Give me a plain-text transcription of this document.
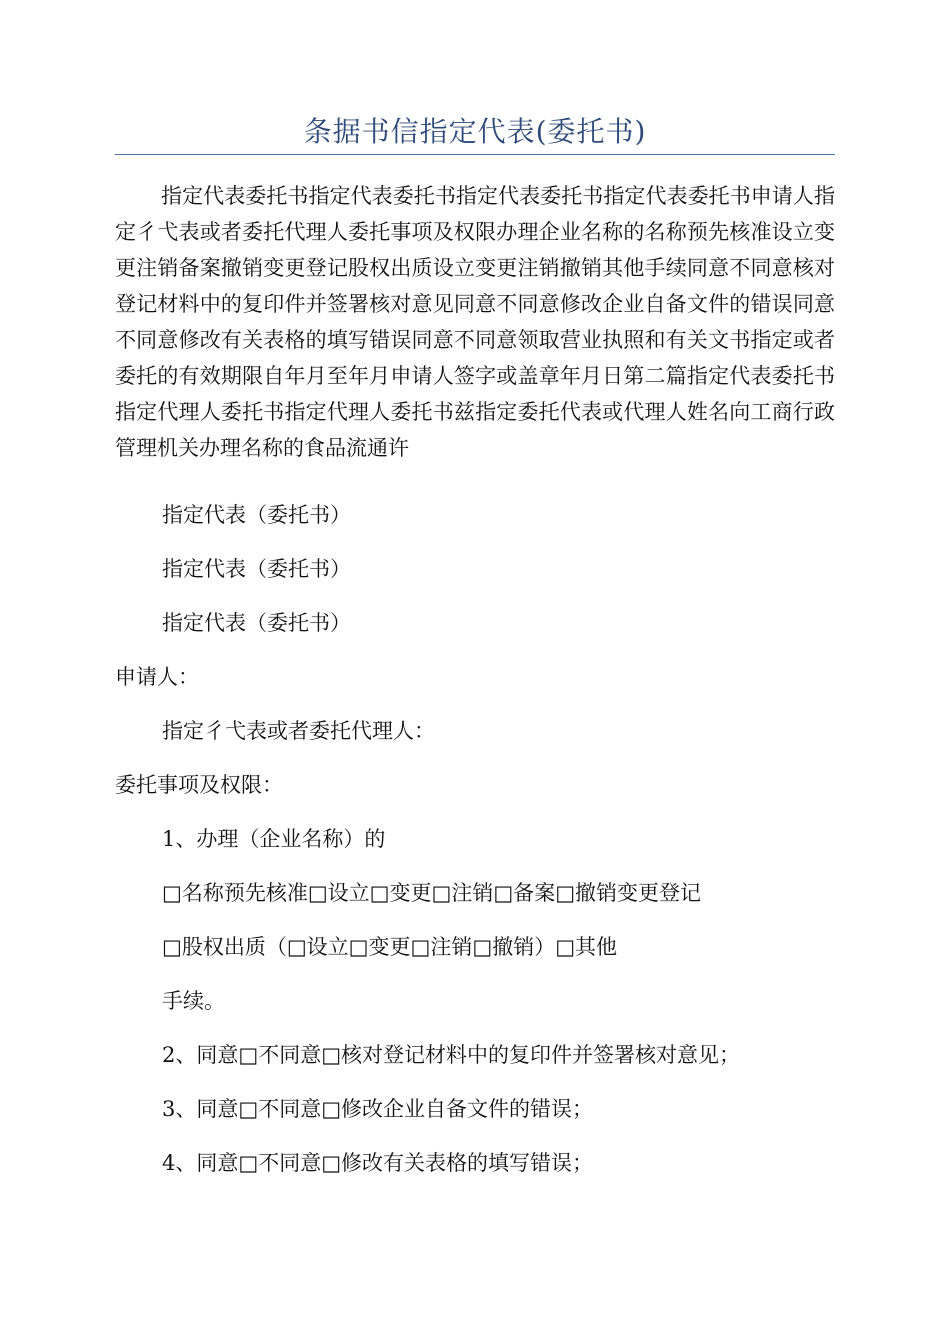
条据书信指定代表(委托书)
指定代表委托书指定代表委托书指定代表委托书指定代表委托书申请人指定彳弋表或者委托代理人委托事项及权限办理企业名称的名称预先核准设立变更注销备案撤销变更登记股权出质设立变更注销撤销其他手续同意不同意核对登记材料中的复印件并签署核对意见同意不同意修改企业自备文件的错误同意不同意修改有关表格的填写错误同意不同意领取营业执照和有关文书指定或者委托的有效期限自年月至年月申请人签字或盖章年月日第二篇指定代表委托书指定代理人委托书指定代理人委托书兹指定委托代表或代理人姓名向工商行政管理机关办理名称的食品流通许
指定代表（委托书）
指定代表（委托书）
指定代表（委托书）
申请人：
指定彳弋表或者委托代理人：
委托事项及权限：
1、办理（企业名称）的
□名称预先核准□设立□变更□注销□备案□撤销变更登记
□股权出质（□设立□变更□注销□撤销）□其他
手续。
2、同意□不同意□核对登记材料中的复印件并签署核对意见；
3、同意□不同意□修改企业自备文件的错误；
4、同意□不同意□修改有关表格的填写错误；
